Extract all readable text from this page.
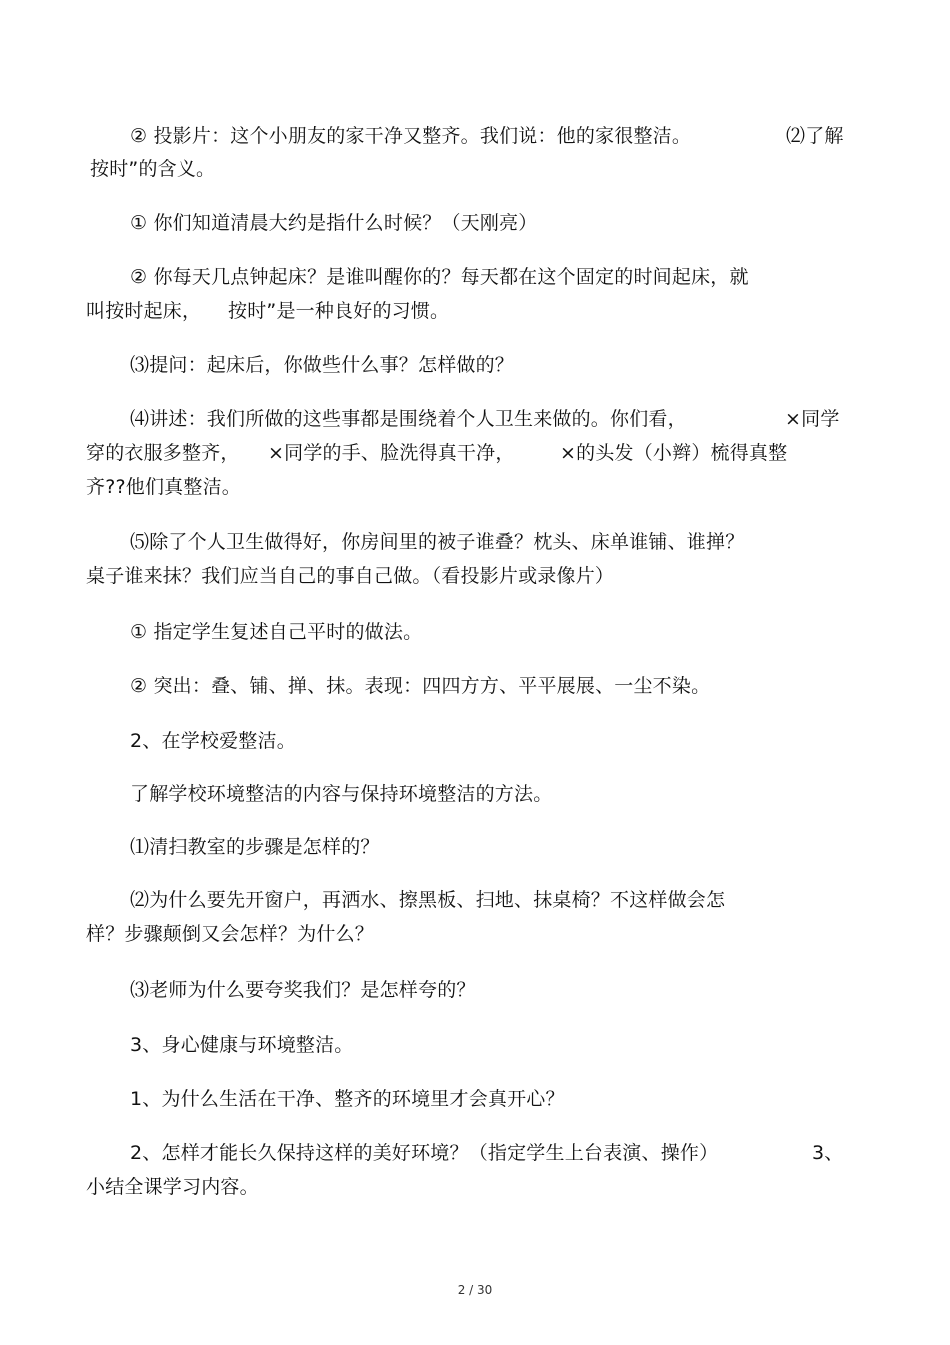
② 投影片：这个小朋友的家干净又整齐。我们说：他的家很整洁。	⑵了解
按时”的含义。
① 你们知道清晨大约是指什么时候？（天刚亮）
② 你每天几点钟起床？是谁叫醒你的？每天都在这个固定的时间起床，就
叫按时起床， 按时”是一种良好的习惯。
⑶提问：起床后，你做些什么事？怎样做的？
⑷讲述：我们所做的这些事都是围绕着个人卫生来做的。你们看，	×同学
穿的衣服多整齐， ×同学的手、脸洗得真干净， ×的头发（小辫）梳得真整
齐??他们真整洁。
⑸除了个人卫生做得好，你房间里的被子谁叠？枕头、床单谁铺、谁掸？
桌子谁来抹？我们应当自己的事自己做。（看投影片或录像片）
① 指定学生复述自己平时的做法。
② 突出：叠、铺、掸、抹。表现：四四方方、平平展展、一尘不染。
2、在学校爱整洁。
了解学校环境整洁的内容与保持环境整洁的方法。
⑴清扫教室的步骤是怎样的？
⑵为什么要先开窗户，再洒水、擦黑板、扫地、抹桌椅？不这样做会怎
样？步骤颠倒又会怎样？为什么？
⑶老师为什么要夸奖我们？是怎样夸的？
3、身心健康与环境整洁。
1、为什么生活在干净、整齐的环境里才会真开心？
2、怎样才能长久保持这样的美好环境？（指定学生上台表演、操作）	3、
小结全课学习内容。
2 / 30
